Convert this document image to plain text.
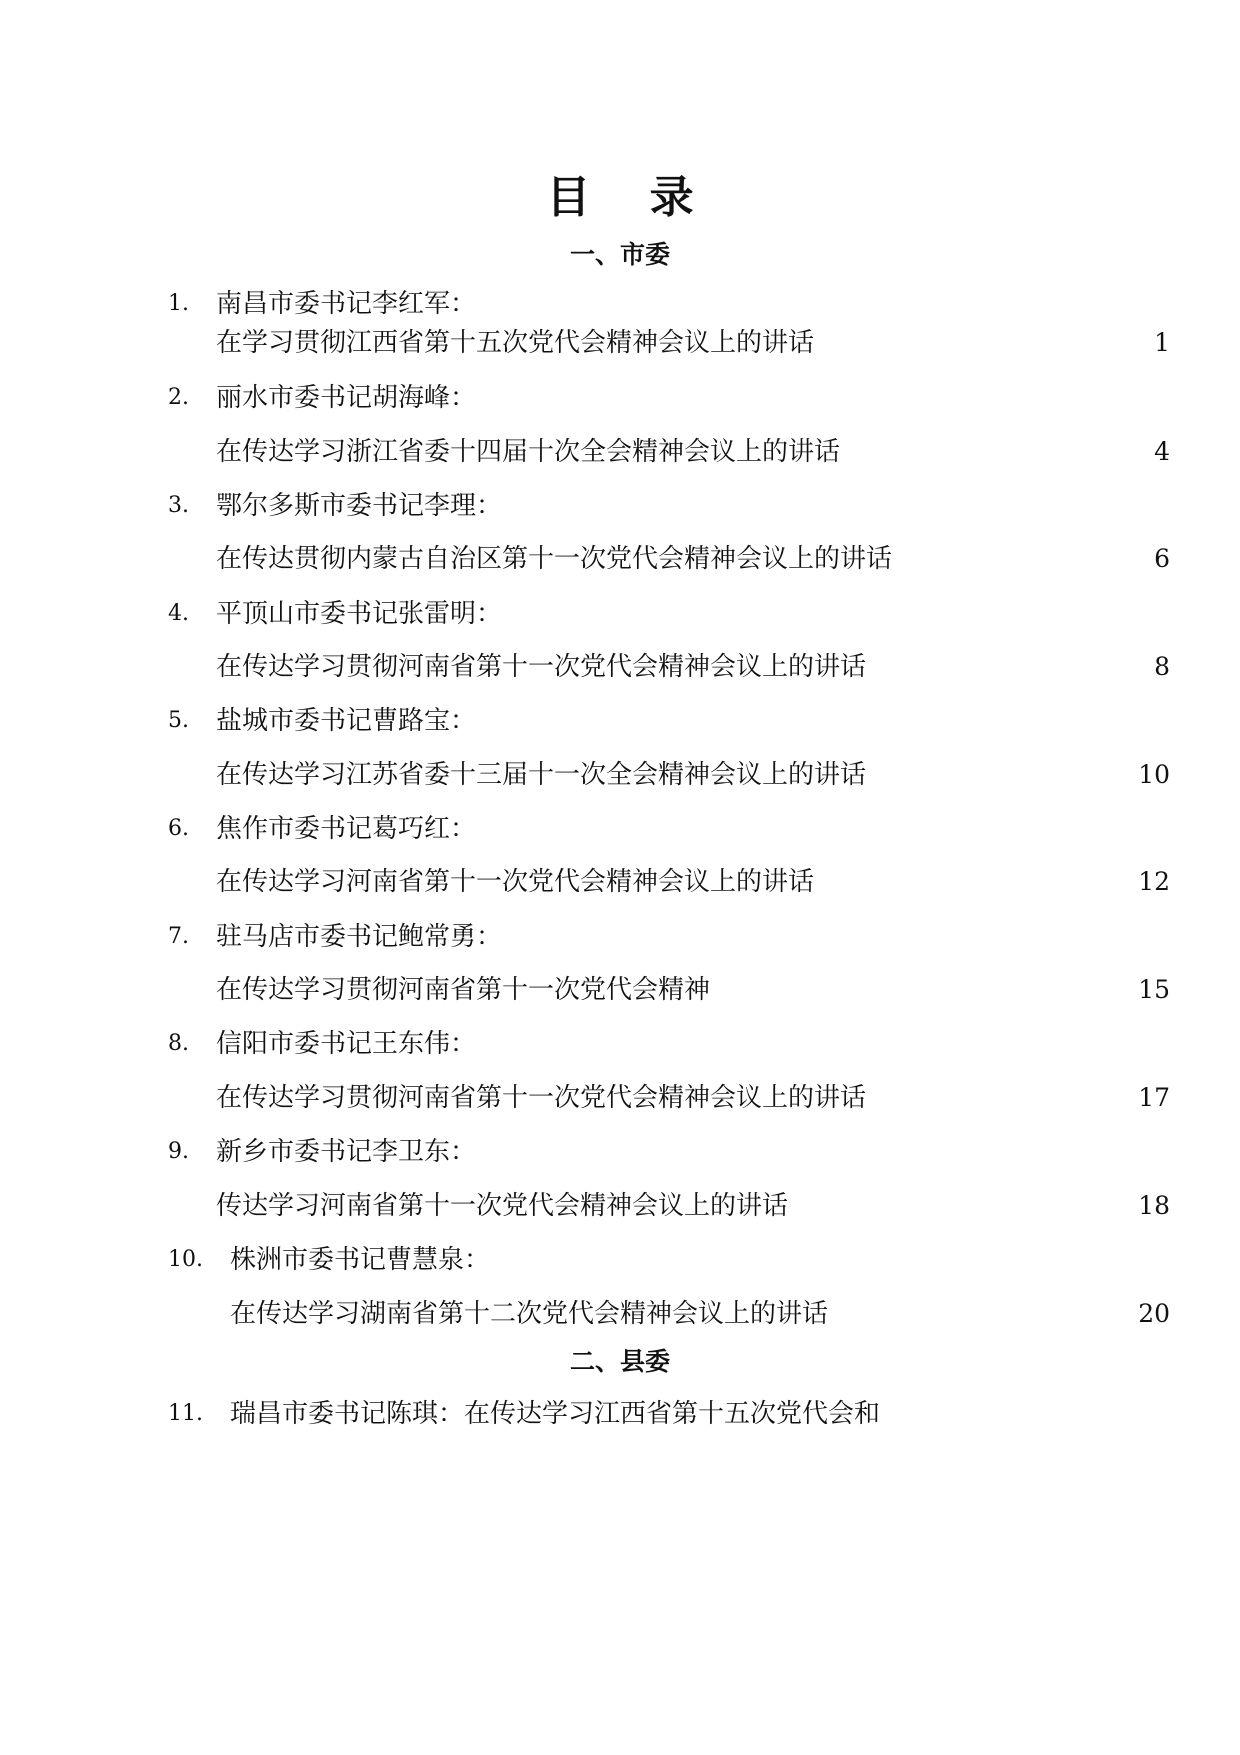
目 录
一、市委
1. 南昌市委书记李红军：
在学习贯彻江西省第十五次党代会精神会议上的讲话	1
2. 丽水市委书记胡海峰：
在传达学习浙江省委十四届十次全会精神会议上的讲话	4
3. 鄂尔多斯市委书记李理：
在传达贯彻内蒙古自治区第十一次党代会精神会议上的讲话	6
4. 平顶山市委书记张雷明：
在传达学习贯彻河南省第十一次党代会精神会议上的讲话	8
5. 盐城市委书记曹路宝：
在传达学习江苏省委十三届十一次全会精神会议上的讲话	10
6. 焦作市委书记葛巧红：
在传达学习河南省第十一次党代会精神会议上的讲话	12
7. 驻马店市委书记鲍常勇：
在传达学习贯彻河南省第十一次党代会精神	15
8. 信阳市委书记王东伟：
在传达学习贯彻河南省第十一次党代会精神会议上的讲话	17
9. 新乡市委书记李卫东：
传达学习河南省第十一次党代会精神会议上的讲话	18
10. 株洲市委书记曹慧泉：
在传达学习湖南省第十二次党代会精神会议上的讲话	20
二、县委
11. 瑞昌市委书记陈琪：在传达学习江西省第十五次党代会和
